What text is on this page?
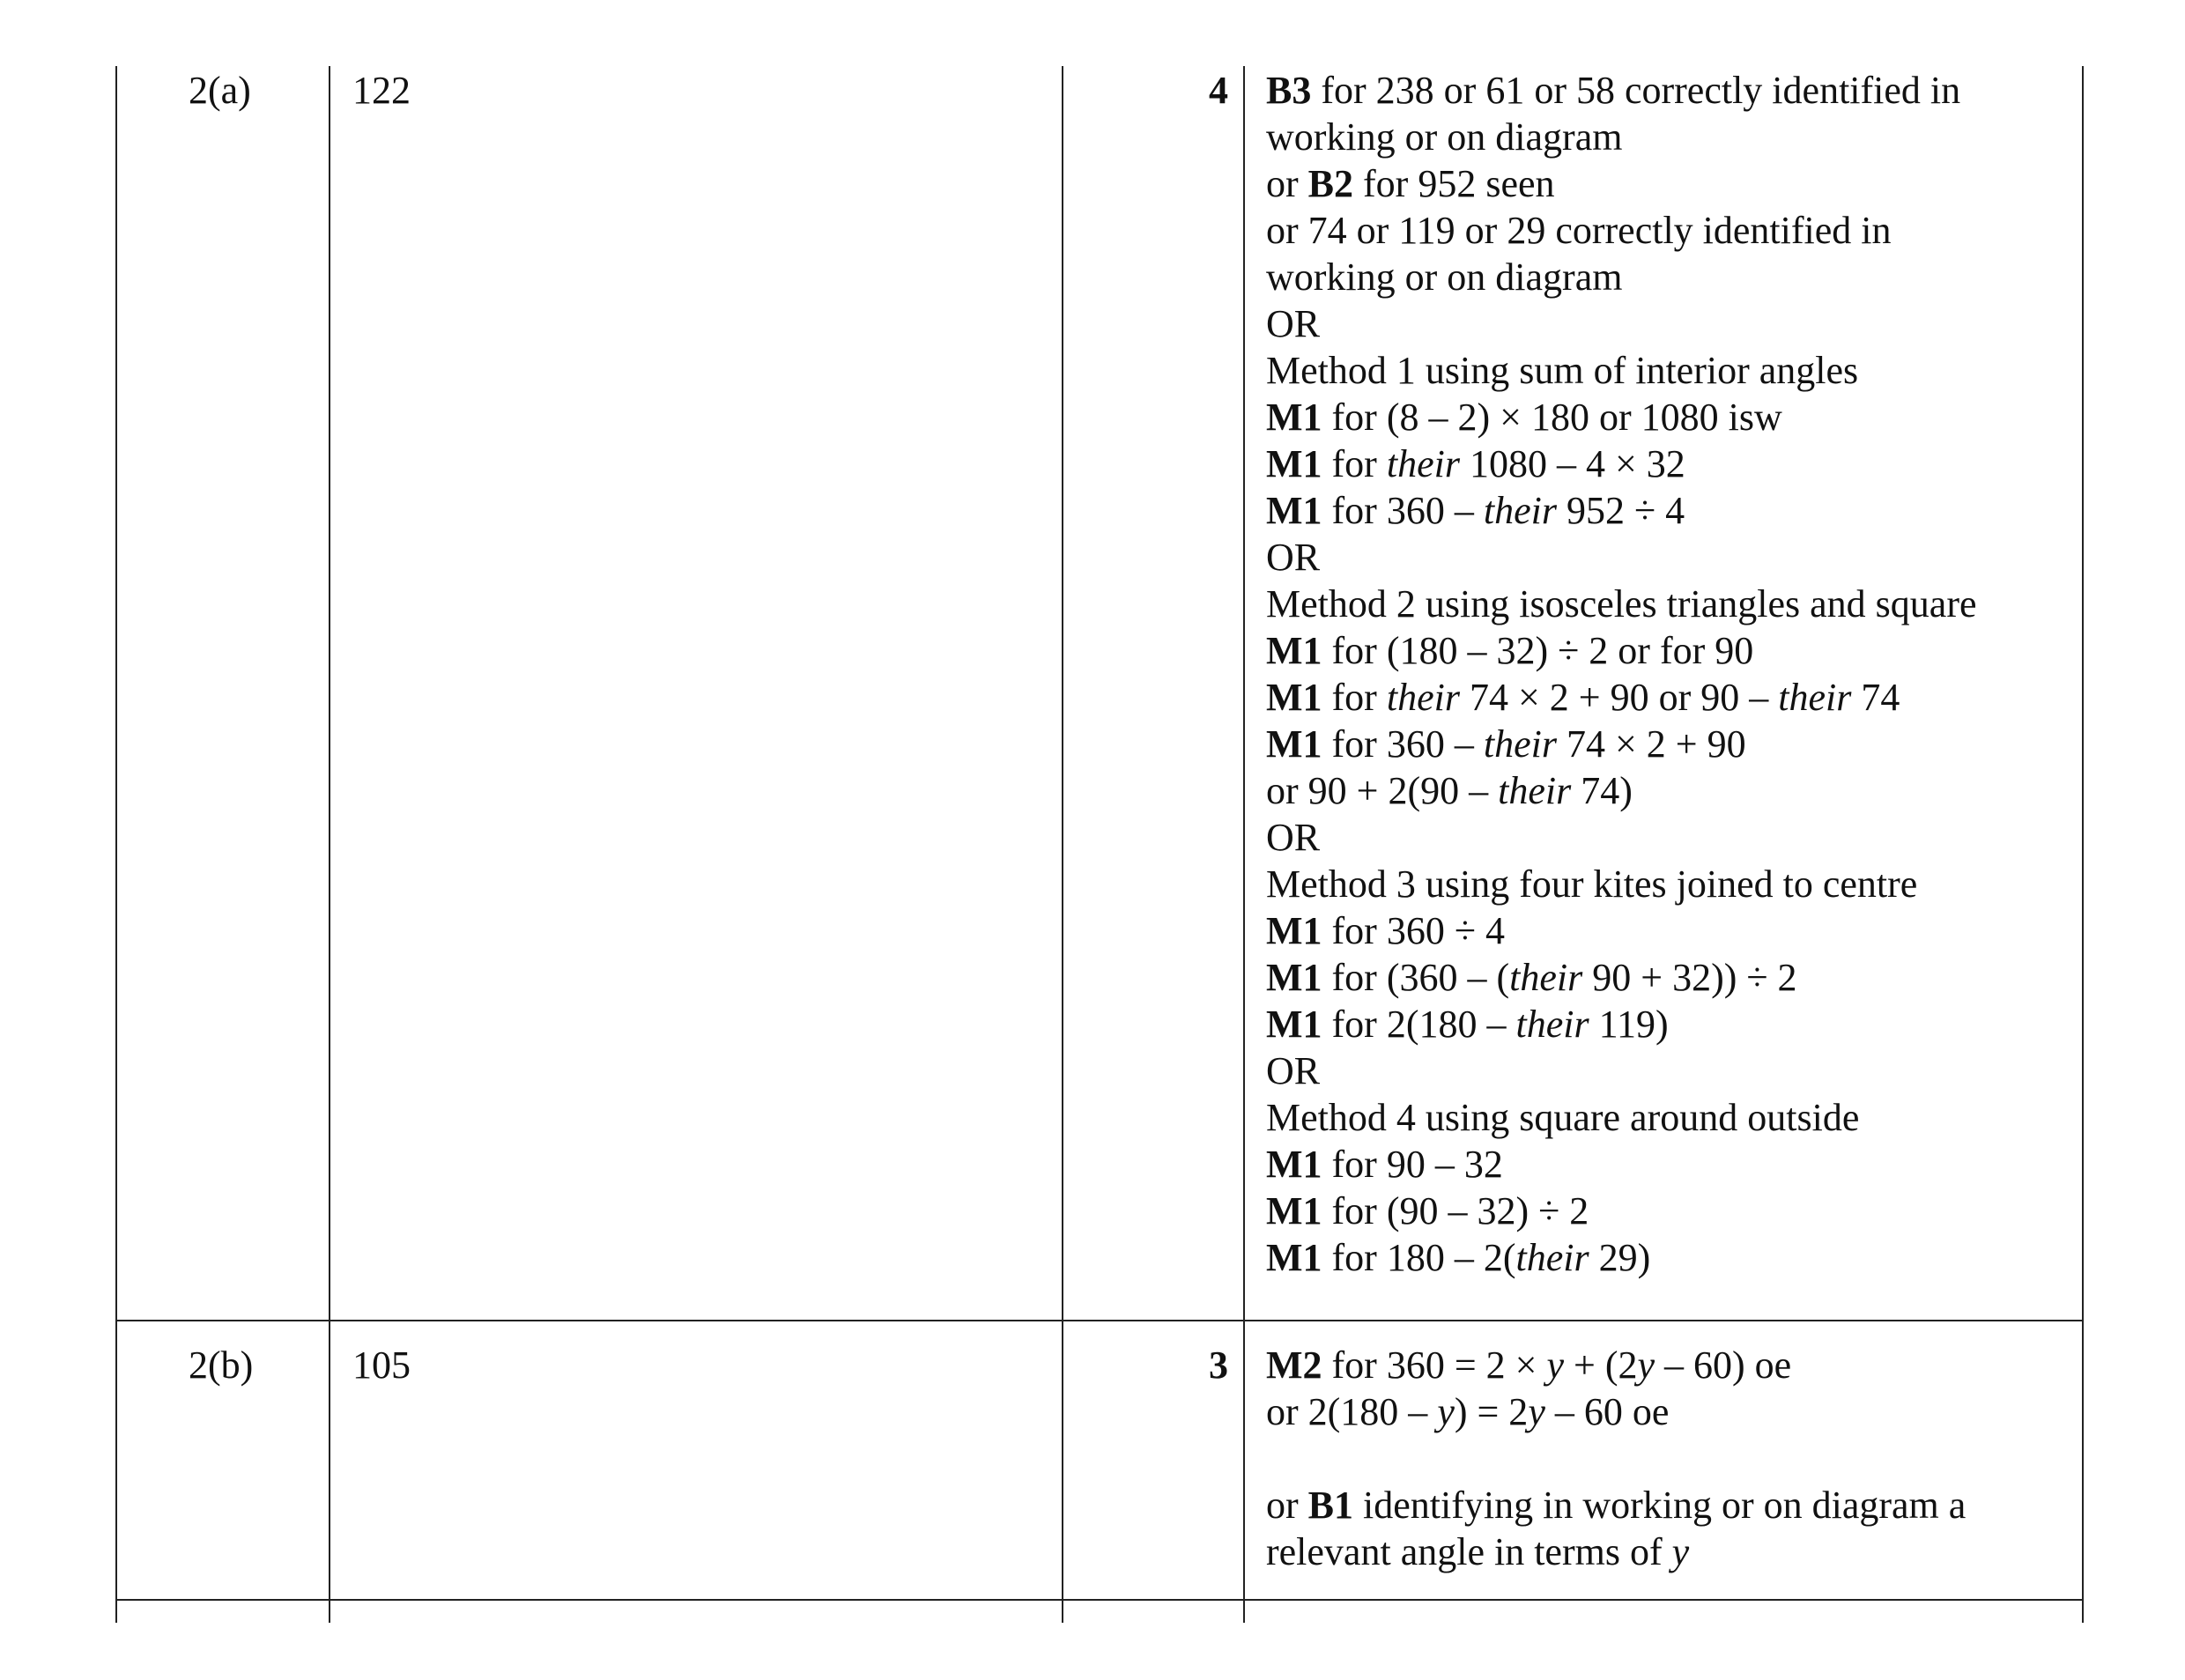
2(a)	122	4 B3 for 238 or 61 or 58 correctly identified in
working or on diagram
or B2 for 952 seen
or 74 or 119 or 29 correctly identified in
working or on diagram
OR
Method 1 using sum of interior angles
M1 for (8 – 2) × 180 or 1080 isw
M1 for their 1080 – 4 × 32
M1 for 360 – their 952 ÷ 4
OR
Method 2 using isosceles triangles and square
M1 for (180 – 32) ÷ 2 or for 90
M1 for their 74 × 2 + 90 or 90 – their 74
M1 for 360 – their 74 × 2 + 90
or 90 + 2(90 – their 74)
OR
Method 3 using four kites joined to centre
M1 for 360 ÷ 4
M1 for (360 – (their 90 + 32)) ÷ 2
M1 for 2(180 – their 119)
OR
Method 4 using square around outside
M1 for 90 – 32
M1 for (90 – 32) ÷ 2
M1 for 180 – 2(their 29)
2(b)	105	3 M2 for 360 = 2 × y + (2y – 60) oe
or 2(180 – y) = 2y – 60 oe

or B1 identifying in working or on diagram a
relevant angle in terms of y
